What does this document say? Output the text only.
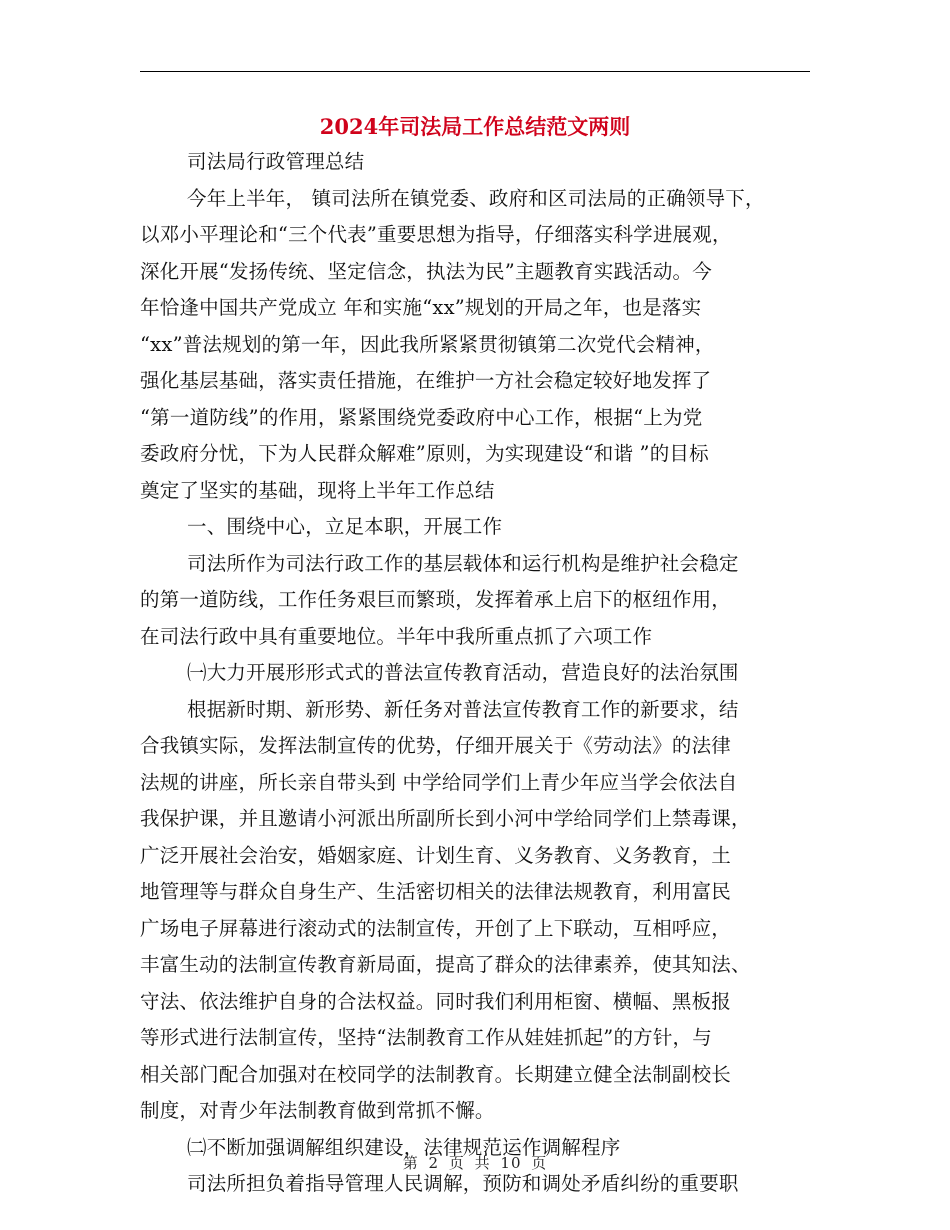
2024年司法局工作总结范文两则
司法局行政管理总结
今年上半年， 镇司法所在镇党委、政府和区司法局的正确领导下，
以邓小平理论和“三个代表”重要思想为指导，仔细落实科学进展观，
深化开展“发扬传统、坚定信念，执法为民”主题教育实践活动。今
年恰逢中国共产党成立 年和实施“xx”规划的开局之年，也是落实
“xx”普法规划的第一年，因此我所紧紧贯彻镇第二次党代会精神，
强化基层基础，落实责任措施，在维护一方社会稳定较好地发挥了
“第一道防线”的作用，紧紧围绕党委政府中心工作，根据“上为党
委政府分忧，下为人民群众解难”原则，为实现建设“和谐 ”的目标
奠定了坚实的基础，现将上半年工作总结
一、围绕中心，立足本职，开展工作
司法所作为司法行政工作的基层载体和运行机构是维护社会稳定
的第一道防线，工作任务艰巨而繁琐，发挥着承上启下的枢纽作用，
在司法行政中具有重要地位。半年中我所重点抓了六项工作
㈠大力开展形形式式的普法宣传教育活动，营造良好的法治氛围
根据新时期、新形势、新任务对普法宣传教育工作的新要求，结
合我镇实际，发挥法制宣传的优势，仔细开展关于《劳动法》的法律
法规的讲座，所长亲自带头到 中学给同学们上青少年应当学会依法自
我保护课，并且邀请小河派出所副所长到小河中学给同学们上禁毒课，
广泛开展社会治安，婚姻家庭、计划生育、义务教育、义务教育，土
地管理等与群众自身生产、生活密切相关的法律法规教育，利用富民
广场电子屏幕进行滚动式的法制宣传，开创了上下联动，互相呼应，
丰富生动的法制宣传教育新局面，提高了群众的法律素养，使其知法、
守法、依法维护自身的合法权益。同时我们利用柜窗、横幅、黑板报
等形式进行法制宣传，坚持“法制教育工作从娃娃抓起”的方针，与
相关部门配合加强对在校同学的法制教育。长期建立健全法制副校长
制度，对青少年法制教育做到常抓不懈。
㈡不断加强调解组织建设，法律规范运作调解程序
司法所担负着指导管理人民调解，预防和调处矛盾纠纷的重要职
第 2 页 共 10 页
